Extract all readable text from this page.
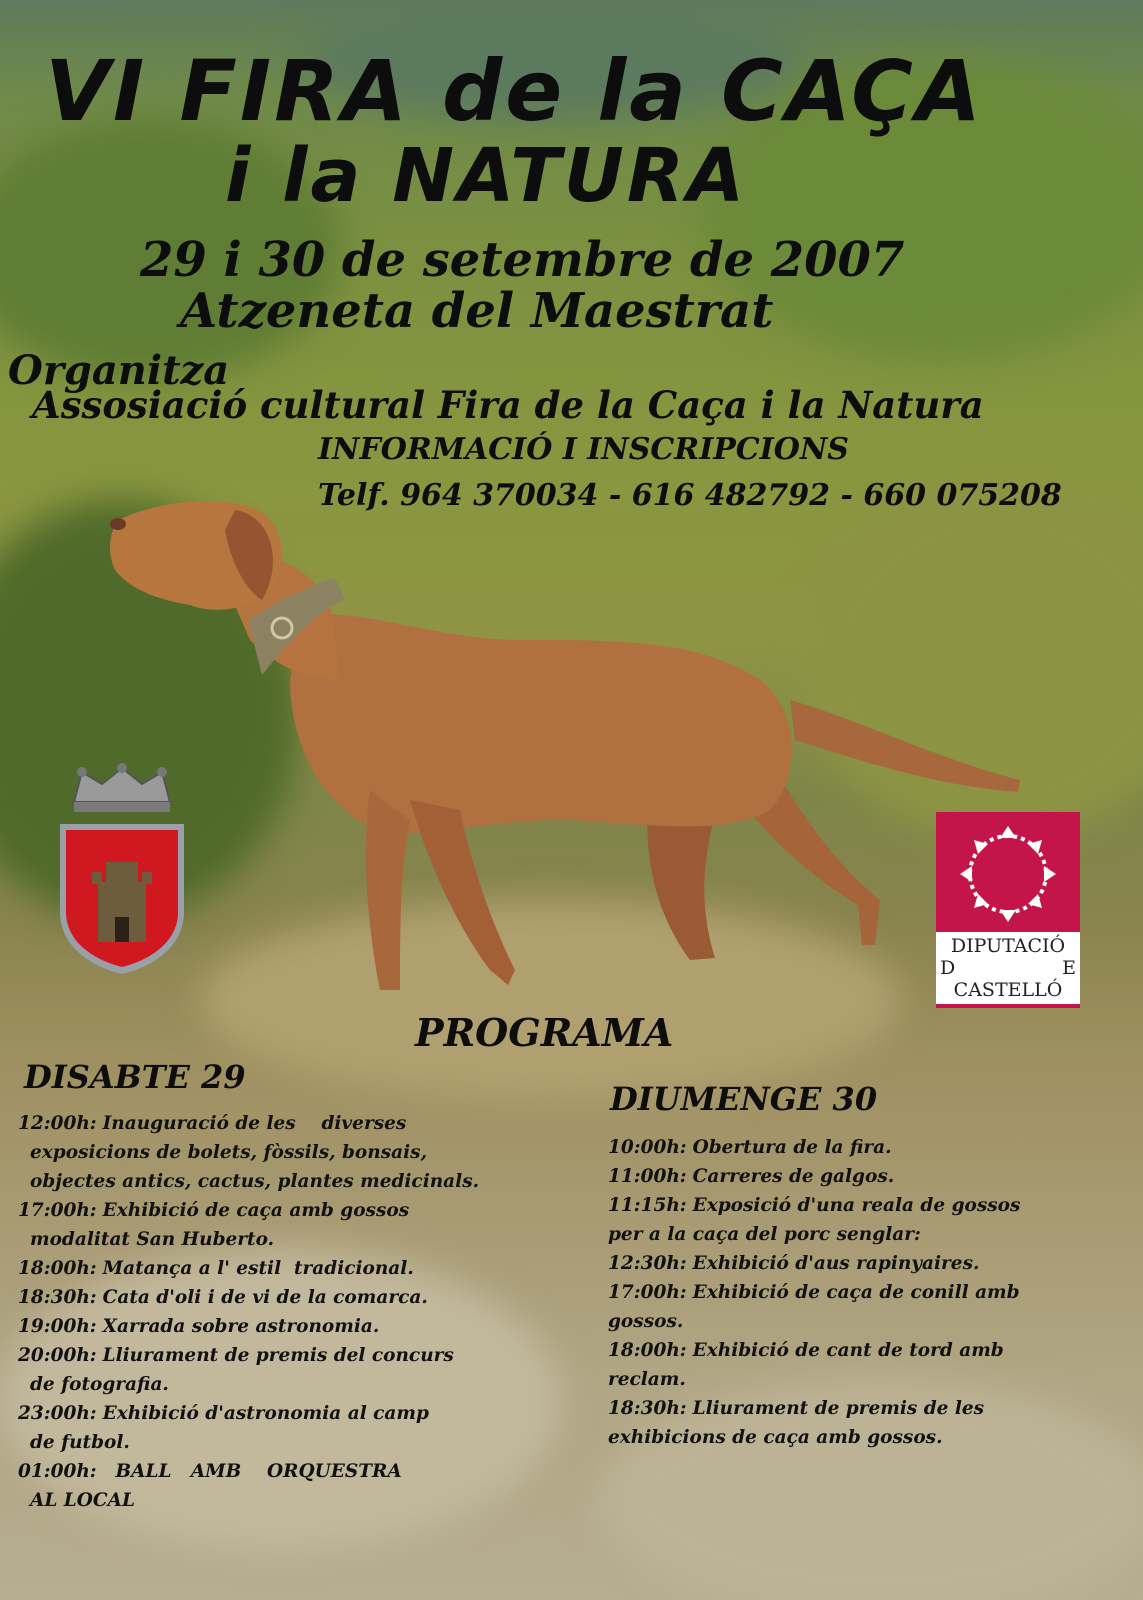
DIPUTACIÓ
D	E
CASTELLÓ
VI FIRA de la CAÇA
i la NATURA
29 i 30 de setembre de 2007
Atzeneta del Maestrat
Organitza
Assosiació cultural Fira de la Caça i la Natura
INFORMACIÓ I INSCRIPCIONS
Telf. 964 370034 - 616 482792 - 660 075208
PROGRAMA
DISABTE 29
12:00h: Inauguració de les    diverses
exposicions de bolets, fòssils, bonsais,
objectes antics, cactus, plantes medicinals.
17:00h: Exhibició de caça amb gossos
modalitat San Huberto.
18:00h: Matança a l' estil  tradicional.
18:30h: Cata d'oli i de vi de la comarca.
19:00h: Xarrada sobre astronomia.
20:00h: Lliurament de premis del concurs
de fotografia.
23:00h: Exhibició d'astronomia al camp
de futbol.
01:00h:  BALL   AMB    ORQUESTRA
AL LOCAL
DIUMENGE 30
10:00h: Obertura de la fira.
11:00h: Carreres de galgos.
11:15h: Exposició d'una reala de gossos
per a la caça del porc senglar:
12:30h: Exhibició d'aus rapinyaires.
17:00h: Exhibició de caça de conill amb
gossos.
18:00h: Exhibició de cant de tord amb
reclam.
18:30h: Lliurament de premis de les
exhibicions de caça amb gossos.
